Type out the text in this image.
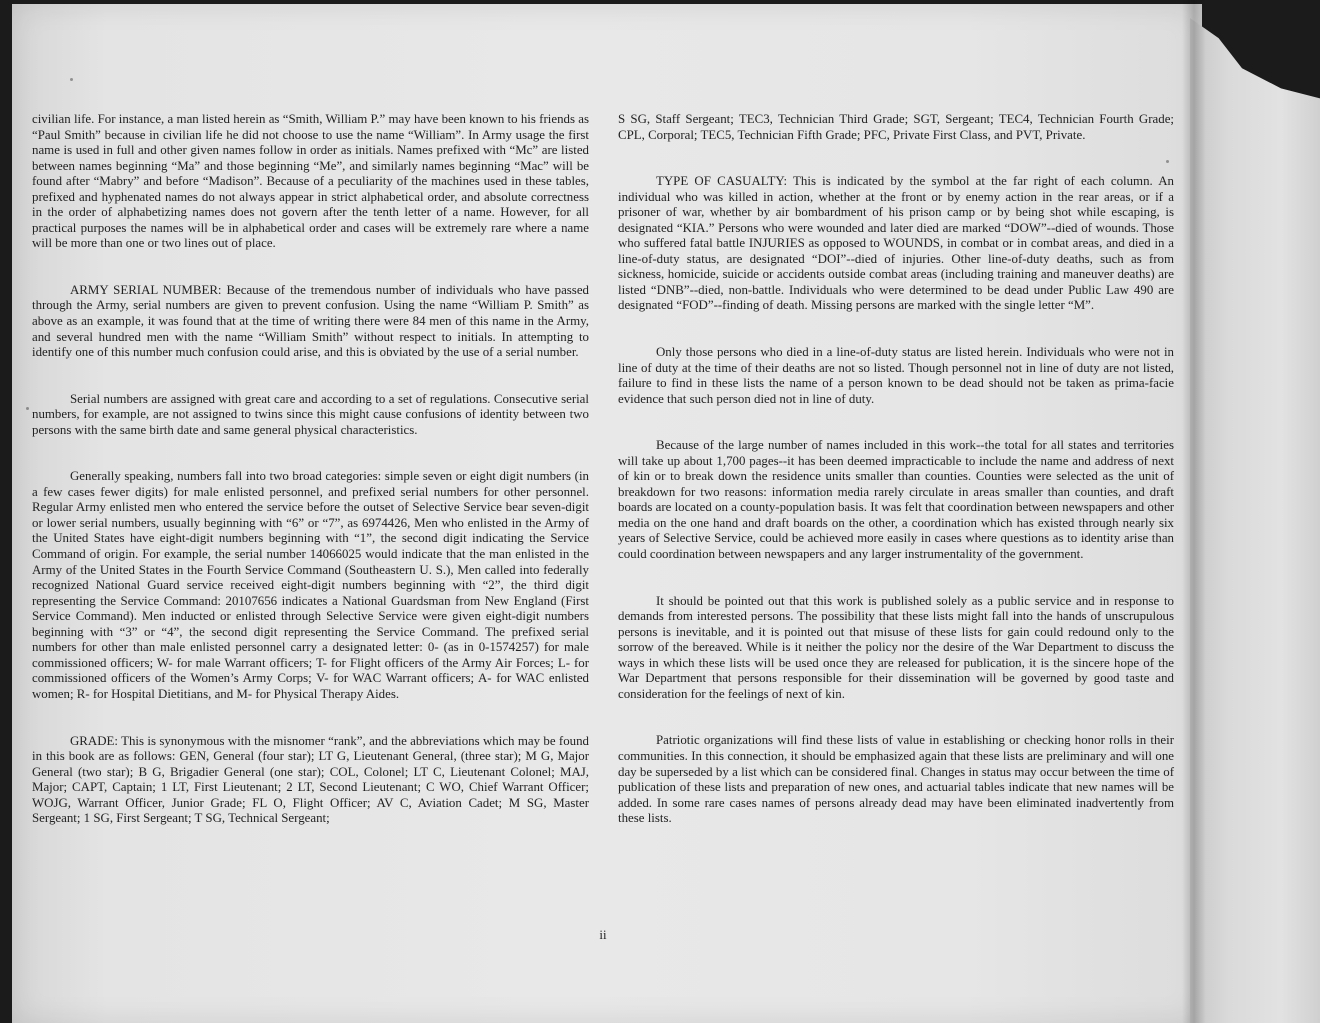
civilian life. For instance, a man listed herein as “Smith, William P.” may have been known to his friends as “Paul Smith” because in civilian life he did not choose to use the name “William”. In Army usage the first name is used in full and other given names follow in order as initials. Names prefixed with “Mc” are listed between names beginning “Ma” and those beginning “Me”, and similarly names beginning “Mac” will be found after “Mabry” and before “Madison”. Because of a peculiarity of the machines used in these tables, prefixed and hyphenated names do not always appear in strict alphabetical order, and absolute correctness in the order of alphabetizing names does not govern after the tenth letter of a name. However, for all practical purposes the names will be in alphabetical order and cases will be extremely rare where a name will be more than one or two lines out of place.

ARMY SERIAL NUMBER: Because of the tremendous number of individuals who have passed through the Army, serial numbers are given to prevent confusion. Using the name “William P. Smith” as above as an example, it was found that at the time of writing there were 84 men of this name in the Army, and several hundred men with the name “William Smith” without respect to initials. In attempting to identify one of this number much confusion could arise, and this is obviated by the use of a serial number.

Serial numbers are assigned with great care and according to a set of regulations. Consecutive serial numbers, for example, are not assigned to twins since this might cause confusions of identity between two persons with the same birth date and same general physical characteristics.

Generally speaking, numbers fall into two broad categories: simple seven or eight digit numbers (in a few cases fewer digits) for male enlisted personnel, and prefixed serial numbers for other personnel. Regular Army enlisted men who entered the service before the outset of Selective Service bear seven-digit or lower serial numbers, usually beginning with “6” or “7”, as 6974426, Men who enlisted in the Army of the United States have eight-digit numbers beginning with “1”, the second digit indicating the Service Command of origin. For example, the serial number 14066025 would indicate that the man enlisted in the Army of the United States in the Fourth Service Command (Southeastern U. S.), Men called into federally recognized National Guard service received eight-digit numbers beginning with “2”, the third digit representing the Service Command: 20107656 indicates a National Guardsman from New England (First Service Command). Men inducted or enlisted through Selective Service were given eight-digit numbers beginning with “3” or “4”, the second digit representing the Service Command. The prefixed serial numbers for other than male enlisted personnel carry a designated letter: 0- (as in 0-1574257) for male commissioned officers; W- for male Warrant officers; T- for Flight officers of the Army Air Forces; L- for commissioned officers of the Women’s Army Corps; V- for WAC Warrant officers; A- for WAC enlisted women; R- for Hospital Dietitians, and M- for Physical Therapy Aides.

GRADE: This is synonymous with the misnomer “rank”, and the abbreviations which may be found in this book are as follows: GEN, General (four star); LT G, Lieutenant General, (three star); M G, Major General (two star); B G, Brigadier General (one star); COL, Colonel; LT C, Lieutenant Colonel; MAJ, Major; CAPT, Captain; 1 LT, First Lieutenant; 2 LT, Second Lieutenant; C WO, Chief Warrant Officer; WOJG, Warrant Officer, Junior Grade; FL O, Flight Officer; AV C, Aviation Cadet; M SG, Master Sergeant; 1 SG, First Sergeant; T SG, Technical Sergeant;

S SG, Staff Sergeant; TEC3, Technician Third Grade; SGT, Sergeant; TEC4, Technician Fourth Grade; CPL, Corporal; TEC5, Technician Fifth Grade; PFC, Private First Class, and PVT, Private.

TYPE OF CASUALTY: This is indicated by the symbol at the far right of each column. An individual who was killed in action, whether at the front or by enemy action in the rear areas, or if a prisoner of war, whether by air bombardment of his prison camp or by being shot while escaping, is designated “KIA.” Persons who were wounded and later died are marked “DOW”--died of wounds. Those who suffered fatal battle INJURIES as opposed to WOUNDS, in combat or in combat areas, and died in a line-of-duty status, are designated “DOI”--died of injuries. Other line-of-duty deaths, such as from sickness, homicide, suicide or accidents outside combat areas (including training and maneuver deaths) are listed “DNB”--died, non-battle. Individuals who were determined to be dead under Public Law 490 are designated “FOD”--finding of death. Missing persons are marked with the single letter “M”.

Only those persons who died in a line-of-duty status are listed herein. Individuals who were not in line of duty at the time of their deaths are not so listed. Though personnel not in line of duty are not listed, failure to find in these lists the name of a person known to be dead should not be taken as prima-facie evidence that such person died not in line of duty.

Because of the large number of names included in this work--the total for all states and territories will take up about 1,700 pages--it has been deemed impracticable to include the name and address of next of kin or to break down the residence units smaller than counties. Counties were selected as the unit of breakdown for two reasons: information media rarely circulate in areas smaller than counties, and draft boards are located on a county-population basis. It was felt that coordination between newspapers and other media on the one hand and draft boards on the other, a coordination which has existed through nearly six years of Selective Service, could be achieved more easily in cases where questions as to identity arise than could coordination between newspapers and any larger instrumentality of the government.

It should be pointed out that this work is published solely as a public service and in response to demands from interested persons. The possibility that these lists might fall into the hands of unscrupulous persons is inevitable, and it is pointed out that misuse of these lists for gain could redound only to the sorrow of the bereaved. While is it neither the policy nor the desire of the War Department to discuss the ways in which these lists will be used once they are released for publication, it is the sincere hope of the War Department that persons responsible for their dissemination will be governed by good taste and consideration for the feelings of next of kin.

Patriotic organizations will find these lists of value in establishing or checking honor rolls in their communities. In this connection, it should be emphasized again that these lists are preliminary and will one day be superseded by a list which can be considered final. Changes in status may occur between the time of publication of these lists and preparation of new ones, and actuarial tables indicate that new names will be added. In some rare cases names of persons already dead may have been eliminated inadvertently from these lists.

ii
